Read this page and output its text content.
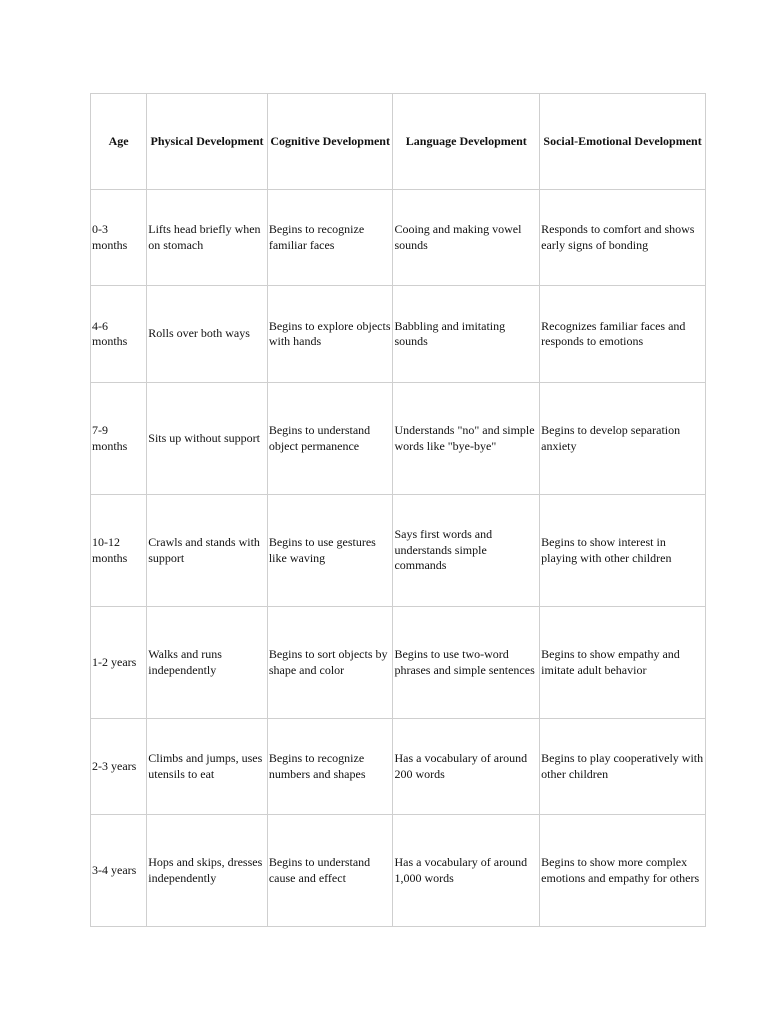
Age	Physical Development	Cognitive Development	Language Development	Social-Emotional Development
0-3 months	Lifts head briefly when on stomach	Begins to recognize familiar faces	Cooing and making vowel sounds	Responds to comfort and shows early signs of bonding
4-6 months	Rolls over both ways	Begins to explore objects with hands	Babbling and imitating sounds	Recognizes familiar faces and responds to emotions
7-9 months	Sits up without support	Begins to understand object permanence	Understands "no" and simple words like "bye-bye"	Begins to develop separation anxiety
10-12 months	Crawls and stands with support	Begins to use gestures like waving	Says first words and understands simple commands	Begins to show interest in playing with other children
1-2 years	Walks and runs independently	Begins to sort objects by shape and color	Begins to use two-word phrases and simple sentences	Begins to show empathy and imitate adult behavior
2-3 years	Climbs and jumps, uses utensils to eat	Begins to recognize numbers and shapes	Has a vocabulary of around 200 words	Begins to play cooperatively with other children
3-4 years	Hops and skips, dresses independently	Begins to understand cause and effect	Has a vocabulary of around 1,000 words	Begins to show more complex emotions and empathy for others
